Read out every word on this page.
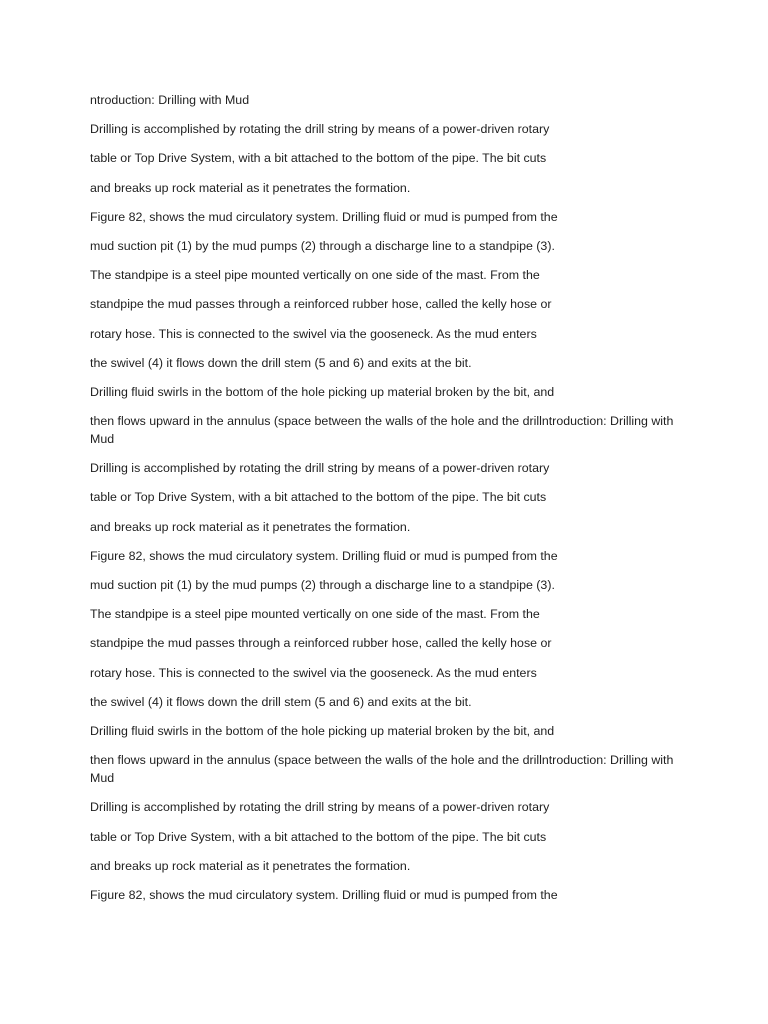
ntroduction: Drilling with Mud
Drilling is accomplished by rotating the drill string by means of a power-driven rotary
table or Top Drive System, with a bit attached to the bottom of the pipe. The bit cuts
and breaks up rock material as it penetrates the formation.
Figure 82, shows the mud circulatory system. Drilling fluid or mud is pumped from the
mud suction pit (1) by the mud pumps (2) through a discharge line to a standpipe (3).
The standpipe is a steel pipe mounted vertically on one side of the mast. From the
standpipe the mud passes through a reinforced rubber hose, called the kelly hose or
rotary hose. This is connected to the swivel via the gooseneck. As the mud enters
the swivel (4) it flows down the drill stem (5 and 6) and exits at the bit.
Drilling fluid swirls in the bottom of the hole picking up material broken by the bit, and
then flows upward in the annulus (space between the walls of the hole and the drillntroduction: Drilling with Mud
Drilling is accomplished by rotating the drill string by means of a power-driven rotary
table or Top Drive System, with a bit attached to the bottom of the pipe. The bit cuts
and breaks up rock material as it penetrates the formation.
Figure 82, shows the mud circulatory system. Drilling fluid or mud is pumped from the
mud suction pit (1) by the mud pumps (2) through a discharge line to a standpipe (3).
The standpipe is a steel pipe mounted vertically on one side of the mast. From the
standpipe the mud passes through a reinforced rubber hose, called the kelly hose or
rotary hose. This is connected to the swivel via the gooseneck. As the mud enters
the swivel (4) it flows down the drill stem (5 and 6) and exits at the bit.
Drilling fluid swirls in the bottom of the hole picking up material broken by the bit, and
then flows upward in the annulus (space between the walls of the hole and the drillntroduction: Drilling with Mud
Drilling is accomplished by rotating the drill string by means of a power-driven rotary
table or Top Drive System, with a bit attached to the bottom of the pipe. The bit cuts
and breaks up rock material as it penetrates the formation.
Figure 82, shows the mud circulatory system. Drilling fluid or mud is pumped from the
